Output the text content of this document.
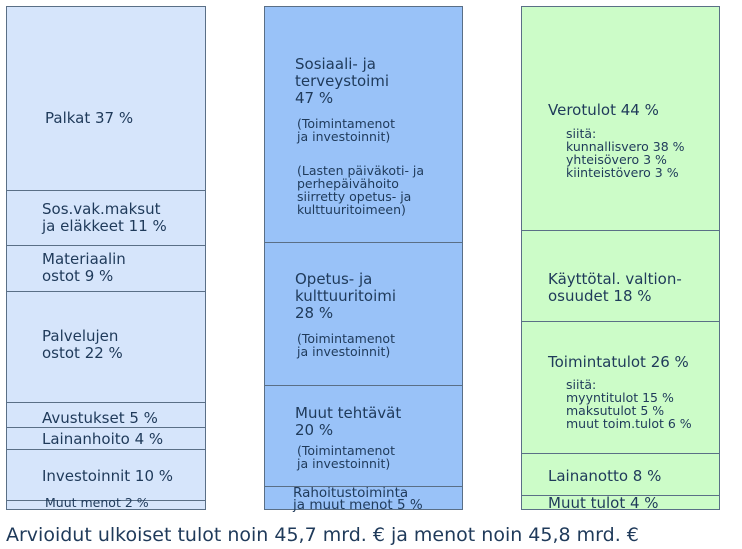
Palkat 37 %
Sos.vak.maksut
ja eläkkeet 11 %
Materiaalin
ostot 9 %
Palvelujen
ostot 22 %
Avustukset 5 %
Lainanhoito 4 %
Investoinnit 10 %
Muut menot 2 %
Sosiaali- ja
terveystoimi
47 %
(Toimintamenot
ja investoinnit)
(Lasten päiväkoti- ja
perhepäivähoito
siirretty opetus- ja
kulttuuritoimeen)
Opetus- ja
kulttuuritoimi
28 %
(Toimintamenot
ja investoinnit)
Muut tehtävät
20 %
(Toimintamenot
ja investoinnit)
Rahoitustoiminta
ja muut menot 5 %
Verotulot 44 %
siitä:
kunnallisvero 38 %
yhteisövero 3 %
kiinteistövero 3 %
Käyttötal. valtion-
osuudet 18 %
Toimintatulot 26 %
siitä:
myyntitulot 15 %
maksutulot 5 %
muut toim.tulot 6 %
Lainanotto 8 %
Muut tulot 4 %
Arvioidut ulkoiset tulot noin 45,7 mrd. € ja menot noin 45,8 mrd. €
